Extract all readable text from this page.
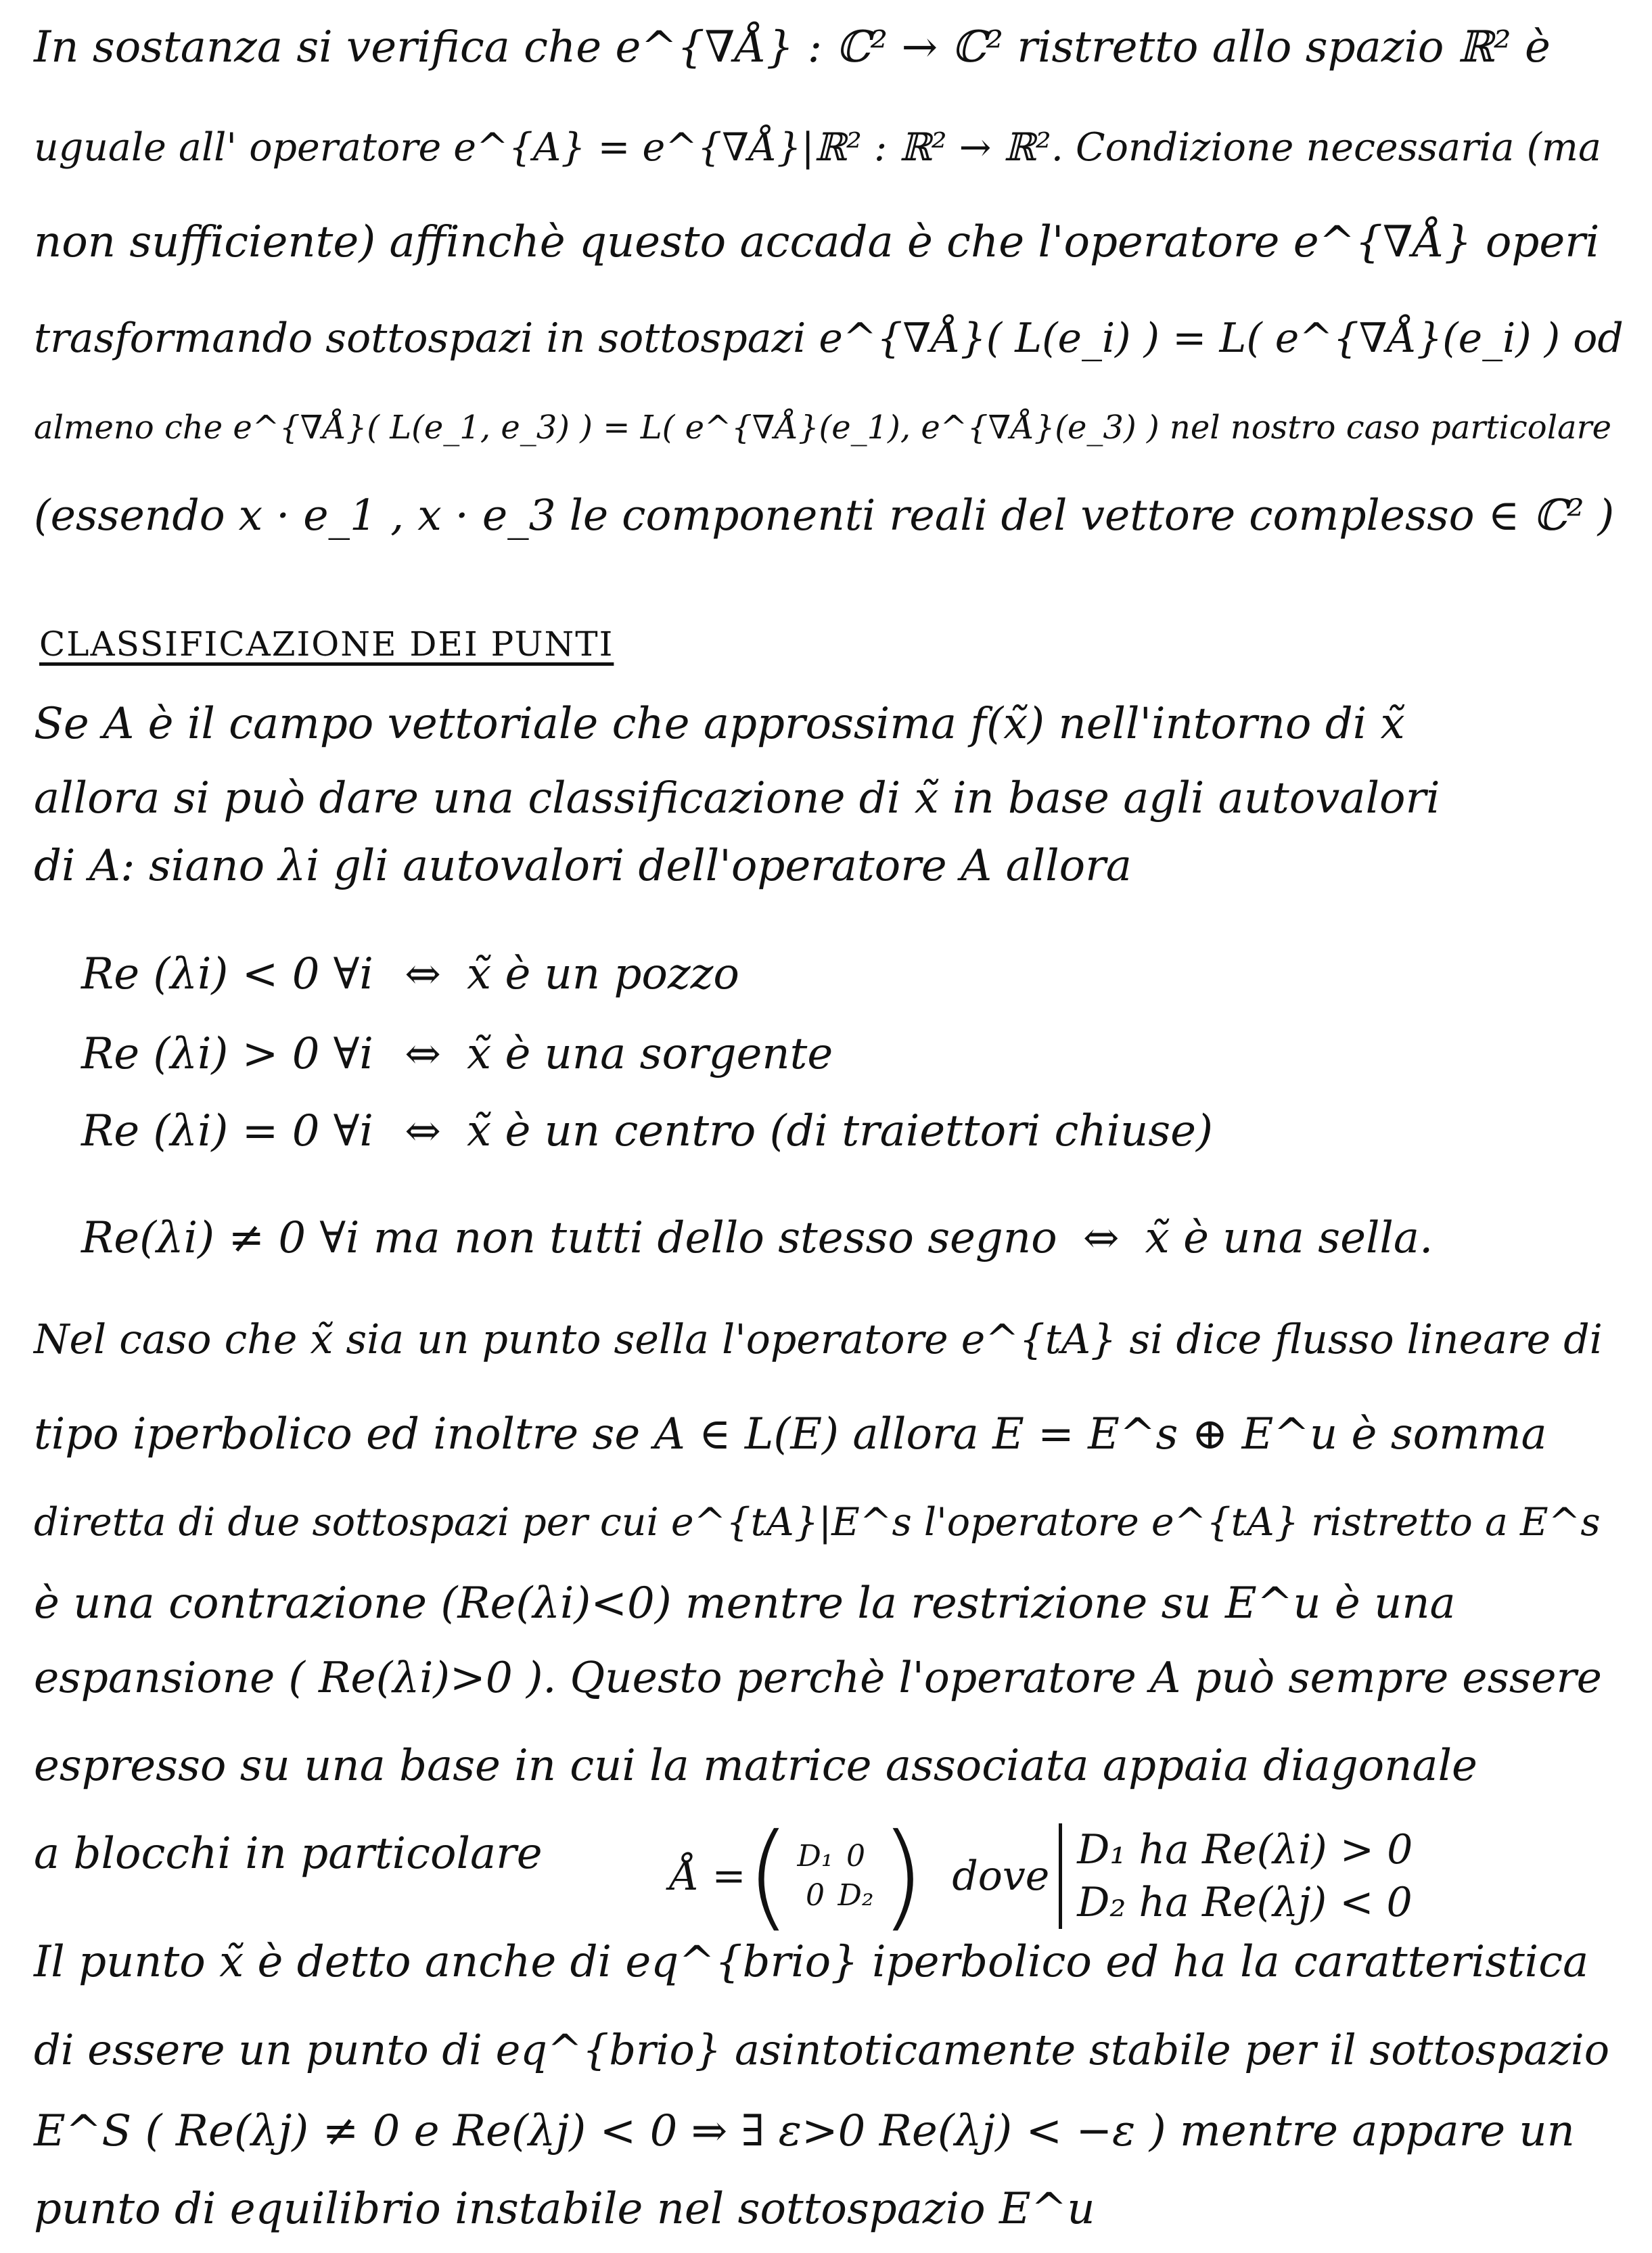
In sostanza si verifica che e^{∇Å} : ℂ² → ℂ² ristretto allo spazio ℝ² è
uguale all' operatore e^{A} = e^{∇Å}|ℝ² : ℝ² → ℝ². Condizione necessaria (ma
non sufficiente) affinchè questo accada è che l'operatore e^{∇Å} operi
trasformando sottospazi in sottospazi e^{∇Å}( L(e_i) ) = L( e^{∇Å}(e_i) ) od
almeno che e^{∇Å}( L(e_1, e_3) ) = L( e^{∇Å}(e_1), e^{∇Å}(e_3) ) nel nostro caso particolare
(essendo x · e_1 , x · e_3 le componenti reali del vettore complesso ∈ ℂ² )
CLASSIFICAZIONE DEI PUNTI
Se A è il campo vettoriale che approssima f(x̃) nell'intorno di x̃
allora si può dare una classificazione di x̃ in base agli autovalori
di A: siano λi gli autovalori dell'operatore A allora
Re (λi) < 0 ∀i ⇔ x̃ è un pozzo
Re (λi) > 0 ∀i ⇔ x̃ è una sorgente
Re (λi) = 0 ∀i ⇔ x̃ è un centro (di traiettori chiuse)
Re(λi) ≠ 0 ∀i ma non tutti dello stesso segno ⇔ x̃ è una sella.
Nel caso che x̃ sia un punto sella l'operatore e^{tA} si dice flusso lineare di
tipo iperbolico ed inoltre se A ∈ L(E) allora E = E^s ⊕ E^u è somma
diretta di due sottospazi per cui e^{tA}|E^s l'operatore e^{tA} ristretto a E^s
è una contrazione (Re(λi)<0) mentre la restrizione su E^u è una
espansione ( Re(λi)>0 ). Questo perchè l'operatore A può sempre essere
espresso su una base in cui la matrice associata appaia diagonale
a blocchi in particolare	Å = ( D₁ 0
0 D₂ ) dove
D₁ ha Re(λi) > 0
D₂ ha Re(λj) < 0
Il punto x̃ è detto anche di eq^{brio} iperbolico ed ha la caratteristica
di essere un punto di eq^{brio} asintoticamente stabile per il sottospazio
E^S ( Re(λj) ≠ 0 e Re(λj) < 0 ⇒ ∃ ε>0 Re(λj) < −ε ) mentre appare un
punto di equilibrio instabile nel sottospazio E^u
